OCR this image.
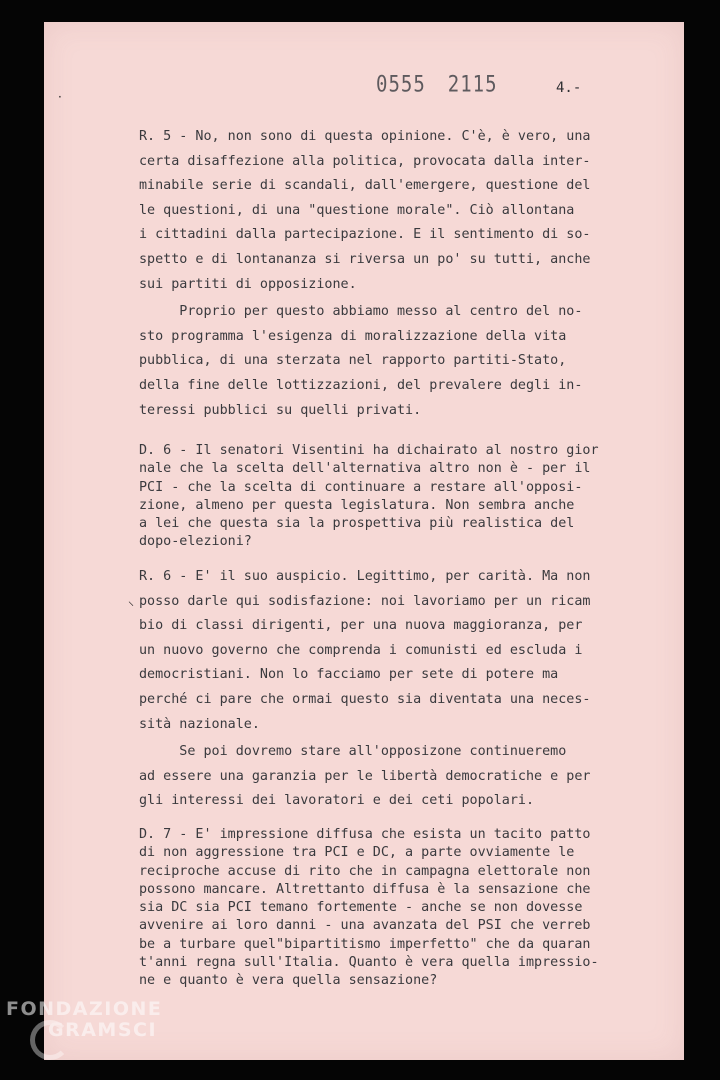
0555 2115	4.-
R. 5 - No, non sono di questa opinione. C'è, è vero, una
certa disaffezione alla politica, provocata dalla inter-
minabile serie di scandali, dall'emergere, questione del
le questioni, di una "questione morale". Ciò allontana
i cittadini dalla partecipazione. E il sentimento di so-
spetto e di lontananza si riversa un po' su tutti, anche
sui partiti di opposizione.
Proprio per questo abbiamo messo al centro del no-
sto programma l'esigenza di moralizzazione della vita
pubblica, di una sterzata nel rapporto partiti-Stato,
della fine delle lottizzazioni, del prevalere degli in-
teressi pubblici su quelli privati.
D. 6 - Il senatori Visentini ha dichairato al nostro gior
nale che la scelta dell'alternativa altro non è - per il
PCI - che la scelta di continuare a restare all'opposi-
zione, almeno per questa legislatura. Non sembra anche
a lei che questa sia la prospettiva più realistica del
dopo-elezioni?
R. 6 - E' il suo auspicio. Legittimo, per carità. Ma non
posso darle qui sodisfazione: noi lavoriamo per un ricam
bio di classi dirigenti, per una nuova maggioranza, per
un nuovo governo che comprenda i comunisti ed escluda i
democristiani. Non lo facciamo per sete di potere ma
perché ci pare che ormai questo sia diventata una neces-
sità nazionale.
Se poi dovremo stare all'opposizone continueremo
ad essere una garanzia per le libertà democratiche e per
gli interessi dei lavoratori e dei ceti popolari.
D. 7 - E' impressione diffusa che esista un tacito patto
di non aggressione tra PCI e DC, a parte ovviamente le
reciproche accuse di rito che in campagna elettorale non
possono mancare. Altrettanto diffusa è la sensazione che
sia DC sia PCI temano fortemente - anche se non dovesse
avvenire ai loro danni - una avanzata del PSI che verreb
be a turbare quel"bipartitismo imperfetto" che da quaran
t'anni regna sull'Italia. Quanto è vera quella impressio-
ne e quanto è vera quella sensazione?
·
⸜
FONDAZIONE
GRAMSCI
